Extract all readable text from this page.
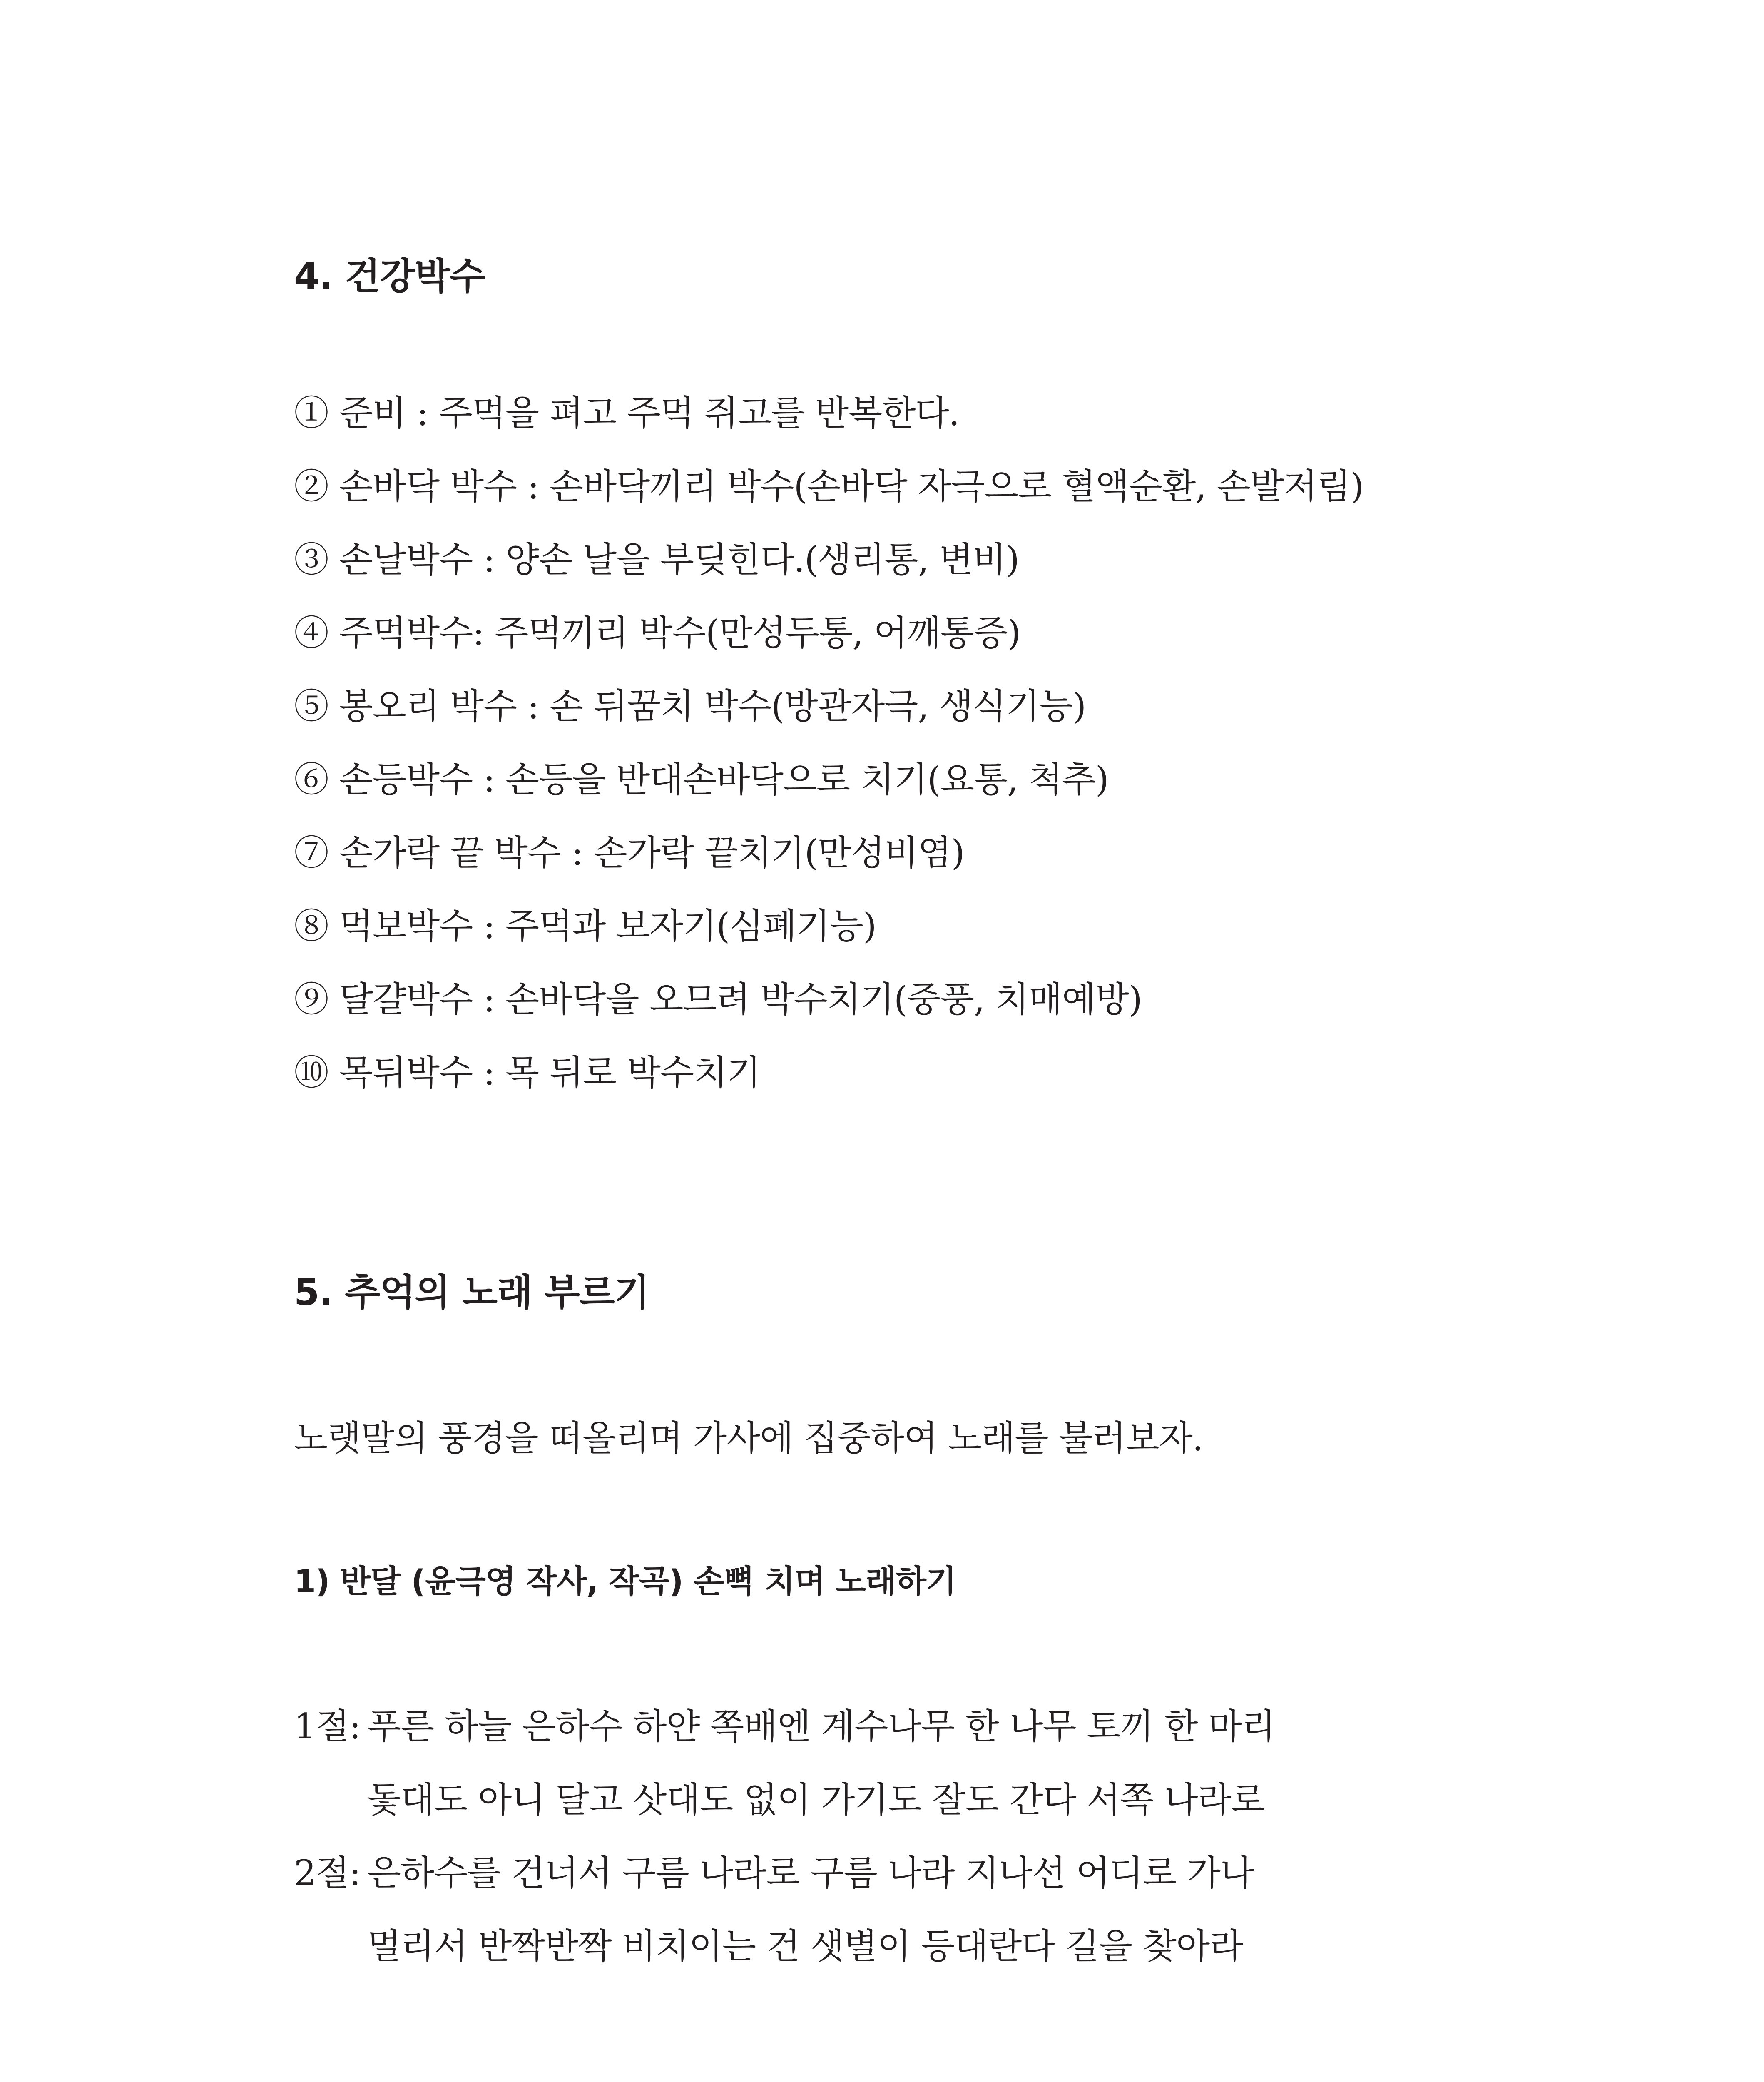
4. 건강박수
① 준비 : 주먹을 펴고 주먹 쥐고를 반복한다.
② 손바닥 박수 : 손바닥끼리 박수(손바닥 자극으로 혈액순환, 손발저림)
③ 손날박수 : 양손 날을 부딪힌다.(생리통, 변비)
④ 주먹박수: 주먹끼리 박수(만성두통, 어깨통증)
⑤ 봉오리 박수 : 손 뒤꿈치 박수(방관자극, 생식기능)
⑥ 손등박수 : 손등을 반대손바닥으로 치기(요통, 척추)
⑦ 손가락 끝 박수 : 손가락 끝치기(만성비염)
⑧ 먹보박수 : 주먹과 보자기(심폐기능)
⑨ 달걀박수 : 손바닥을 오므려 박수치기(중풍, 치매예방)
⑩ 목뒤박수 : 목 뒤로 박수치기
5. 추억의 노래 부르기

노랫말의 풍경을 떠올리며 가사에 집중하여 노래를 불러보자.

1) 반달 (윤극영 작사, 작곡) 손뼉 치며 노래하기
1절: 푸른 하늘 은하수 하얀 쪽배엔 계수나무 한 나무 토끼 한 마리
돛대도 아니 달고 삿대도 없이 가기도 잘도 간다 서쪽 나라로
2절: 은하수를 건너서 구름 나라로 구름 나라 지나선 어디로 가나
멀리서 반짝반짝 비치이는 건 샛별이 등대란다 길을 찾아라
